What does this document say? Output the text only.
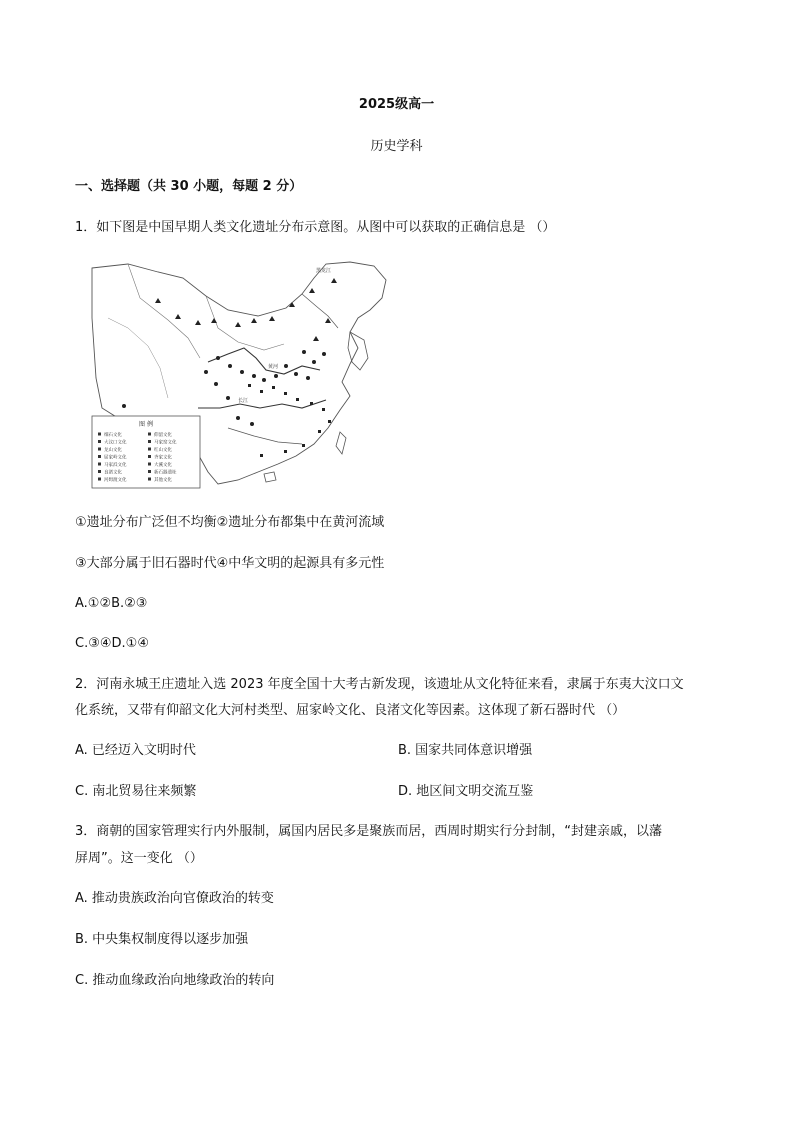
2025级高一
历史学科
一、选择题（共 30 小题，每题 2 分）
1．如下图是中国早期人类文化遗址分布示意图。从图中可以获取的正确信息是 （）
图 例
细石文化
大汶口文化
龙山文化
屈家岭文化
马家浜文化
良渚文化
河姆渡文化
仰韶文化
马家窑文化
红山文化
齐家文化
大溪文化
新石器遗址
其他文化
黑龙江
黄河
长江
①遗址分布广泛但不均衡②遗址分布都集中在黄河流域
③大部分属于旧石器时代④中华文明的起源具有多元性
A.①②B.②③
C.③④D.①④
2．河南永城王庄遗址入选 2023 年度全国十大考古新发现，该遗址从文化特征来看，隶属于东夷大汶口文
化系统，又带有仰韶文化大河村类型、屈家岭文化、良渚文化等因素。这体现了新石器时代 （）
A. 已经迈入文明时代	B. 国家共同体意识增强
C. 南北贸易往来频繁	D. 地区间文明交流互鉴
3．商朝的国家管理实行内外服制，属国内居民多是聚族而居，西周时期实行分封制，“封建亲戚，以藩
屏周”。这一变化 （）
A. 推动贵族政治向官僚政治的转变
B. 中央集权制度得以逐步加强
C. 推动血缘政治向地缘政治的转向
